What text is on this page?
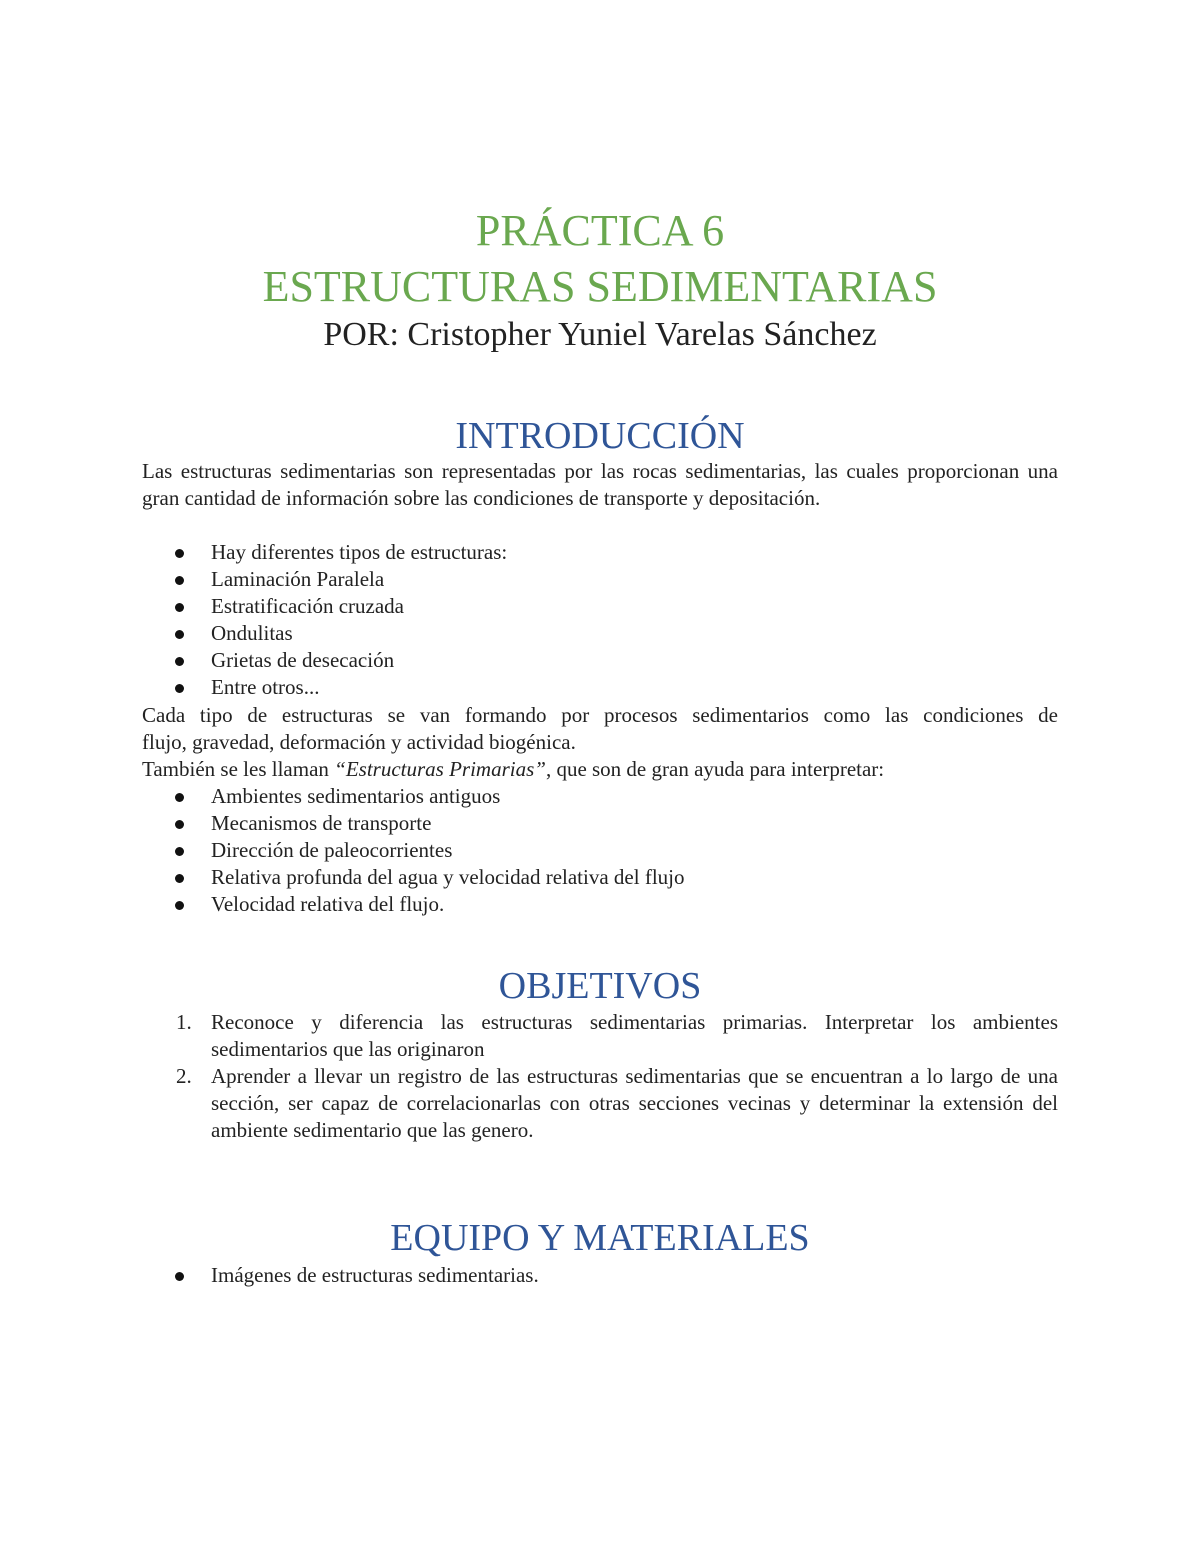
PRÁCTICA 6
ESTRUCTURAS SEDIMENTARIAS
POR: Cristopher Yuniel Varelas Sánchez
INTRODUCCIÓN
Las estructuras sedimentarias son representadas por las rocas sedimentarias, las cuales proporcionan una gran cantidad de información sobre las condiciones de transporte y depositación.
Hay diferentes tipos de estructuras:
Laminación Paralela
Estratificación cruzada
Ondulitas
Grietas de desecación
Entre otros...
Cada tipo de estructuras se van formando por procesos sedimentarios como las condiciones de
flujo, gravedad, deformación y actividad biogénica.
También se les llaman “Estructuras Primarias”, que son de gran ayuda para interpretar:
Ambientes sedimentarios antiguos
Mecanismos de transporte
Dirección de paleocorrientes
Relativa profunda del agua y velocidad relativa del flujo
Velocidad relativa del flujo.
OBJETIVOS
1. Reconoce y diferencia las estructuras sedimentarias primarias. Interpretar los ambientes sedimentarios que las originaron
2. Aprender a llevar un registro de las estructuras sedimentarias que se encuentran a lo largo de una sección, ser capaz de correlacionarlas con otras secciones vecinas y determinar la extensión del ambiente sedimentario que las genero.
EQUIPO Y MATERIALES
Imágenes de estructuras sedimentarias.
